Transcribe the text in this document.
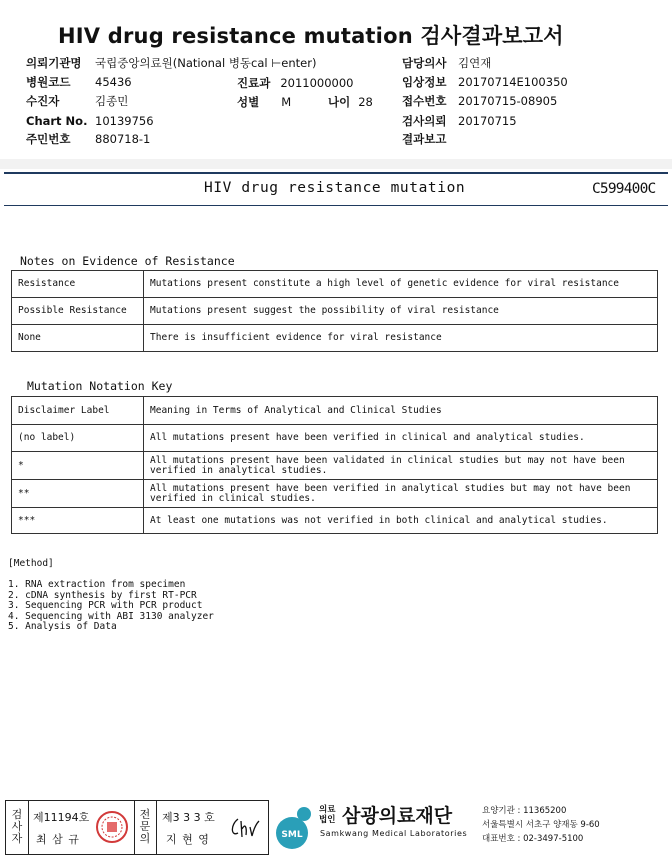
HIV drug resistance mutation 검사결과보고서
의뢰기관명 국립중앙의료원(National 병동cal ⊢enter)
병원코드 45436
수진자	김종민
Chart No. 10139756
주민번호 880718-1
진료과 2011000000
성별 M	나이 28
담당의사 김연재
임상정보 20170714E100350
접수번호 20170715-08905
검사의뢰 20170715
결과보고
HIV drug resistance mutation	C599400C
Notes on Evidence of Resistance
Resistance	Mutations present constitute a high level of genetic evidence for viral resistance
Possible Resistance	Mutations present suggest the possibility of viral resistance
None	There is insufficient evidence for viral resistance
Mutation Notation Key
Disclaimer Label	Meaning in Terms of Analytical and Clinical Studies
(no label)	All mutations present have been verified in clinical and analytical studies.
*	All mutations present have been validated in clinical studies but may not have been verified in analytical studies.
**	All mutations present have been verified in analytical studies but may not have been verified in clinical studies.
***	At least one mutations was not verified in both clinical and analytical studies.
[Method]
1. RNA extraction from specimen
2. cDNA synthesis by first RT-PCR
3. Sequencing PCR with PCR product
4. Sequencing with ABI 3130 analyzer
5. Analysis of Data
검사자
제11194호
최 삼 규
전문의
제3 3 3 호
지 현 영	SML
의료
법인 삼광의료재단
Samkwang Medical Laboratories
요양기관 : 11365200
서울특별시 서초구 양재동 9-60
대표번호 : 02-3497-5100
